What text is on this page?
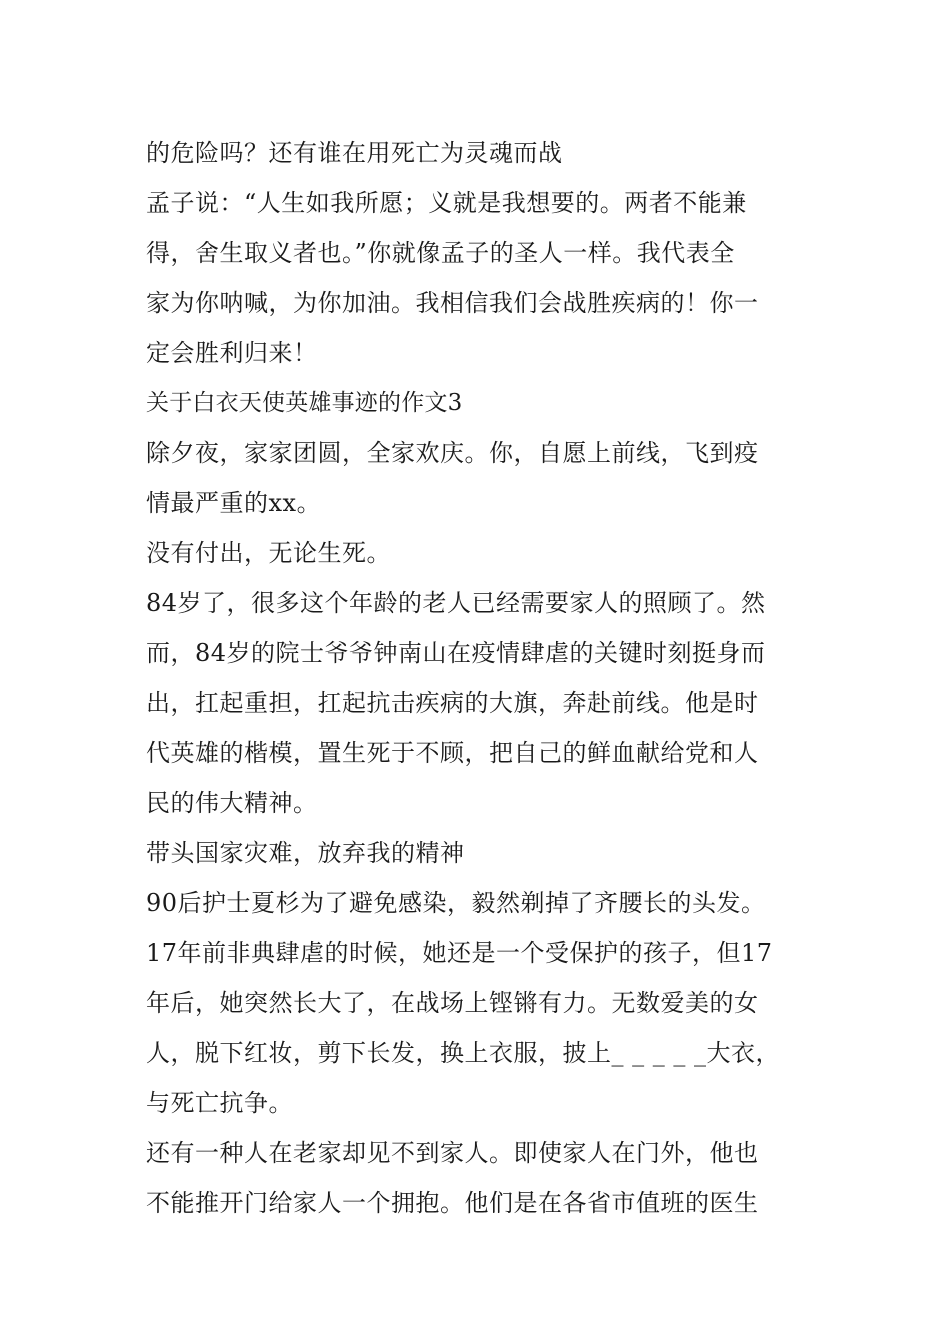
的危险吗？还有谁在用死亡为灵魂而战

孟子说：“人生如我所愿；义就是我想要的。两者不能兼

得，舍生取义者也。”你就像孟子的圣人一样。我代表全

家为你呐喊，为你加油。我相信我们会战胜疾病的！你一

定会胜利归来！

关于白衣天使英雄事迹的作文3

除夕夜，家家团圆，全家欢庆。你，自愿上前线，飞到疫

情最严重的xx。

没有付出，无论生死。

84岁了，很多这个年龄的老人已经需要家人的照顾了。然

而，84岁的院士爷爷钟南山在疫情肆虐的关键时刻挺身而

出，扛起重担，扛起抗击疾病的大旗，奔赴前线。他是时

代英雄的楷模，置生死于不顾，把自己的鲜血献给党和人

民的伟大精神。

带头国家灾难，放弃我的精神

90后护士夏杉为了避免感染，毅然剃掉了齐腰长的头发。

17年前非典肆虐的时候，她还是一个受保护的孩子，但17

年后，她突然长大了，在战场上铿锵有力。无数爱美的女

人，脱下红妆，剪下长发，换上衣服，披上_ _ _ _ _大衣，

与死亡抗争。

还有一种人在老家却见不到家人。即使家人在门外，他也

不能推开门给家人一个拥抱。他们是在各省市值班的医生
